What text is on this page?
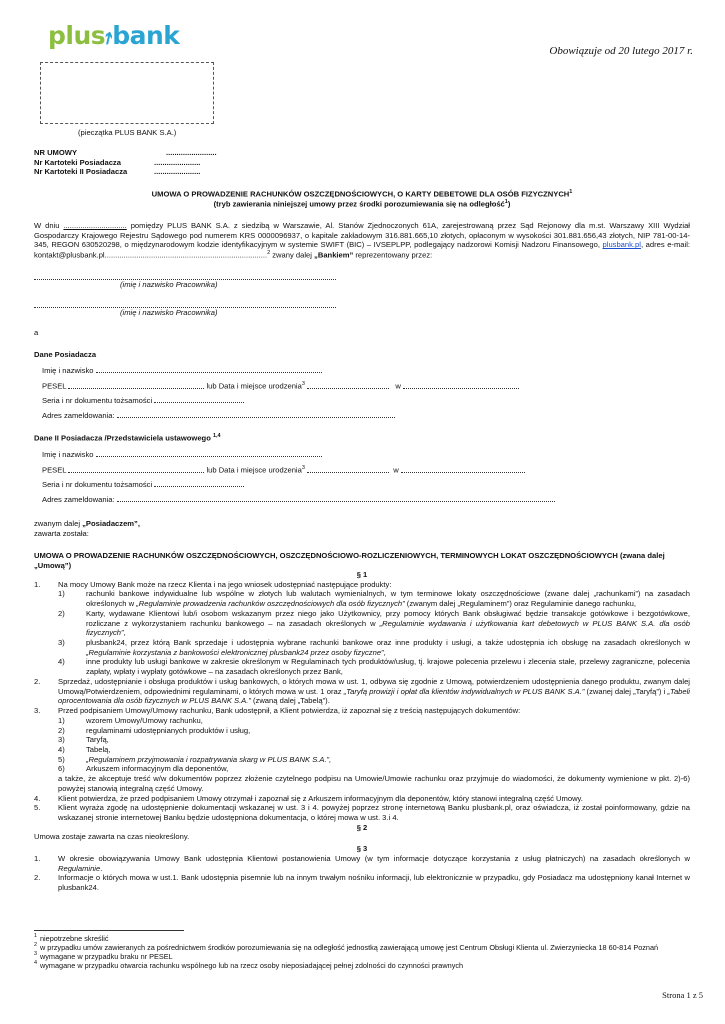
plus⭎bank
Obowiązuje od 20 lutego 2017 r.
(pieczątka PLUS BANK S.A.)
NR UMOWY	........................
Nr Kartoteki Posiadacza	......................
Nr Kartoteki II Posiadacza	......................
UMOWA O PROWADZENIE RACHUNKÓW OSZCZĘDNOŚCIOWYCH, O KARTY DEBETOWE DLA OSÓB FIZYCZNYCH$^1$
(tryb zawierania niniejszej umowy przez środki porozumiewania się na odległość$^1$)
W dniu .............................. pomiędzy PLUS BANK S.A. z siedzibą w Warszawie, Al. Stanów Zjednoczonych 61A, zarejestrowaną przez Sąd Rejonowy dla m.st. Warszawy XIII Wydział Gospodarczy Krajowego Rejestru Sądowego pod numerem KRS 0000096937, o kapitale zakładowym 316.881.665,10 złotych, opłaconym w wysokości 301.881.656,43 złotych, NIP 781-00-14-345, REGON 630520298, o międzynarodowym kodzie identyfikacyjnym w systemie SWIFT (BIC) – IVSEPLPP, podlegający nadzorowi Komisji Nadzoru Finansowego, plusbank.pl, adres e-mail: kontakt@plusbank.pl.............................................................................$^2$ zwany dalej „Bankiem” reprezentowany przez:
(imię i nazwisko Pracownika)
(imię i nazwisko Pracownika)
a
Dane Posiadacza
Imię i nazwisko
PESEL	lub Data i miejsce urodzenia$^3$	w
Seria i nr dokumentu tożsamości
Adres zameldowania:
Dane II Posiadacza /Przedstawiciela ustawowego $^{1,4}$
Imię i nazwisko
PESEL	lub Data i miejsce urodzenia$^3$	w
Seria i nr dokumentu tożsamości
Adres zameldowania:
zwanym dalej „Posiadaczem”,
zawarta została:
UMOWA O PROWADZENIE RACHUNKÓW OSZCZĘDNOŚCIOWYCH, OSZCZĘDNOŚCIOWO-ROZLICZENIOWYCH, TERMINOWYCH LOKAT OSZCZĘDNOŚCIOWYCH (zwana dalej „Umową”)
§ 1
1. Na mocy Umowy Bank może na rzecz Klienta i na jego wniosek udostępniać następujące produkty:
1)	rachunki bankowe indywidualne lub wspólne w złotych lub walutach wymienialnych, w tym terminowe lokaty oszczędnościowe (zwane dalej „rachunkami”) na zasadach określonych w „Regulaminie prowadzenia rachunków oszczędnościowych dla osób fizycznych” (zwanym dalej „Regulaminem”) oraz Regulaminie danego rachunku,
2)	Karty, wydawane Klientowi lub/i osobom wskazanym przez niego jako Użytkownicy, przy pomocy których Bank obsługiwać będzie transakcje gotówkowe i bezgotówkowe, rozliczane z wykorzystaniem rachunku bankowego – na zasadach określonych w „Regulaminie wydawania i użytkowania kart debetowych w PLUS BANK S.A. dla osób fizycznych”,
3)	plusbank24, przez którą Bank sprzedaje i udostępnia wybrane rachunki bankowe oraz inne produkty i usługi, a także udostępnia ich obsługę na zasadach określonych w „Regulaminie korzystania z bankowości elektronicznej plusbank24 przez osoby fizyczne”,
4)	inne produkty lub usługi bankowe w zakresie określonym w Regulaminach tych produktów/usług, tj. krajowe polecenia przelewu i zlecenia stałe, przelewy zagraniczne, polecenia zapłaty, wpłaty i wypłaty gotówkowe – na zasadach określonych przez Bank,
2. Sprzedaż, udostępnianie i obsługa produktów i usług bankowych, o których mowa w ust. 1, odbywa się zgodnie z Umową, potwierdzeniem udostępnienia danego produktu, zwanym dalej Umową/Potwierdzeniem, odpowiednimi regulaminami, o których mowa w ust. 1 oraz „Taryfą prowizji i opłat dla klientów indywidualnych w PLUS BANK S.A.” (zwanej dalej „Taryfą”) i „Tabeli oprocentowania dla osób fizycznych w PLUS BANK S.A.” (zwaną dalej „Tabelą”).
3. Przed podpisaniem Umowy/Umowy rachunku, Bank udostępnił, a Klient potwierdza, iż zapoznał się z treścią następujących dokumentów:
1)	wzorem Umowy/Umowy rachunku,
2)	regulaminami udostępnianych produktów i usług,
3)	Taryfą,
4)	Tabelą,
5)	„Regulaminem przyjmowania i rozpatrywania skarg w PLUS BANK S.A.”,
6)	Arkuszem informacyjnym dla deponentów,
a także, że akceptuje treść w/w dokumentów poprzez złożenie czytelnego podpisu na Umowie/Umowie rachunku oraz przyjmuje do wiadomości, że dokumenty wymienione w pkt. 2)-6) powyżej stanowią integralną część Umowy.
4. Klient potwierdza, że przed podpisaniem Umowy otrzymał i zapoznał się z Arkuszem informacyjnym dla deponentów, który stanowi integralną część Umowy.
5. Klient wyraża zgodę na udostępnienie dokumentacji wskazanej w ust. 3 i 4. powyżej poprzez stronę internetową Banku plusbank.pl, oraz oświadcza, iż został poinformowany, gdzie na wskazanej stronie internetowej Banku będzie udostępniona dokumentacja, o której mowa w ust. 3.i 4.
§ 2
Umowa zostaje zawarta na czas nieokreślony.
§ 3
1. W okresie obowiązywania Umowy Bank udostępnia Klientowi postanowienia Umowy (w tym informacje dotyczące korzystania z usług płatniczych) na zasadach określonych w Regulaminie.
2. Informacje o których mowa w ust.1. Bank udostępnia pisemnie lub na innym trwałym nośniku informacji, lub elektronicznie w przypadku, gdy Posiadacz ma udostępniony kanał Internet w plusbank24.
1 niepotrzebne skreślić
2 w przypadku umów zawieranych za pośrednictwem środków porozumiewania się na odległość jednostką zawierającą umowę jest Centrum Obsługi Klienta ul. Zwierzyniecka 18 60-814 Poznań
3 wymagane w przypadku braku nr PESEL
4 wymagane w przypadku otwarcia rachunku wspólnego lub na rzecz osoby nieposiadającej pełnej zdolności do czynności prawnych
Strona 1 z 5
